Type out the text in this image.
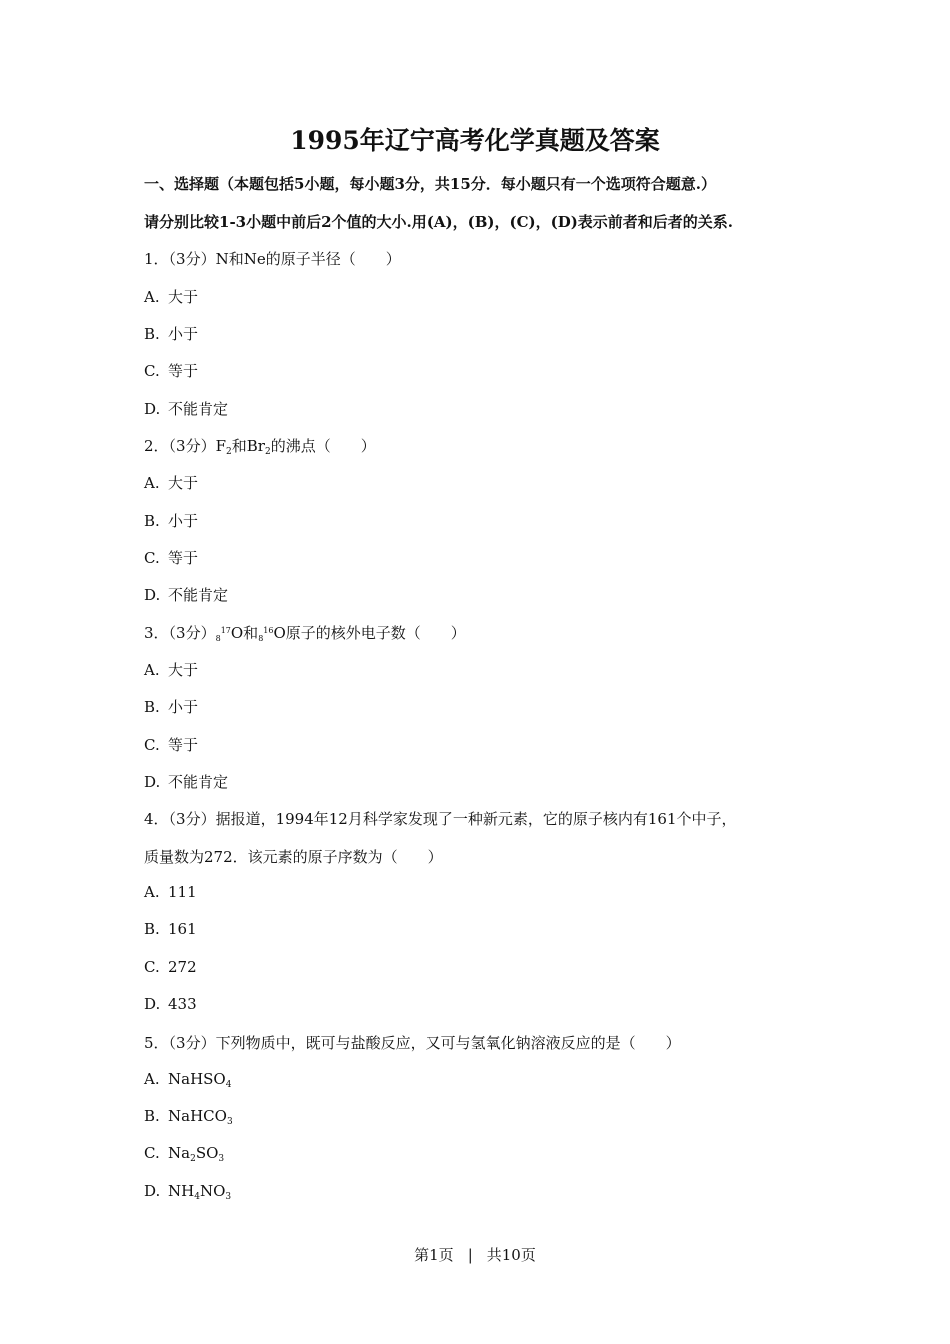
1995年辽宁高考化学真题及答案
一、选择题（本题包括5小题，每小题3分，共15分．每小题只有一个选项符合题意.）
请分别比较1-3小题中前后2个值的大小.用(A)，(B)，(C)，(D)表示前者和后者的关系.
1．（3分）N和Ne的原子半径（　　）
A. 大于
B. 小于
C. 等于
D. 不能肯定
2．（3分）$F_2$和$Br_2$的沸点（　　）
A. 大于
B. 小于
C. 等于
D. 不能肯定
3．（3分）$_8^{17}O$和$_8^{16}$O原子的核外电子数（　　）
A. 大于
B. 小于
C. 等于
D. 不能肯定
4．（3分）据报道，1994年12月科学家发现了一种新元素，它的原子核内有161个中子，
质量数为272．该元素的原子序数为（　　）
A. 111
B. 161
C. 272
D. 433
5．（3分）下列物质中，既可与盐酸反应，又可与氢氧化钠溶液反应的是（　　）
A. NaHSO$_4$
B. NaHCO$_3$
C. $Na_2SO_3$
D. $NH_4NO_3$
第1页 | 共10页
